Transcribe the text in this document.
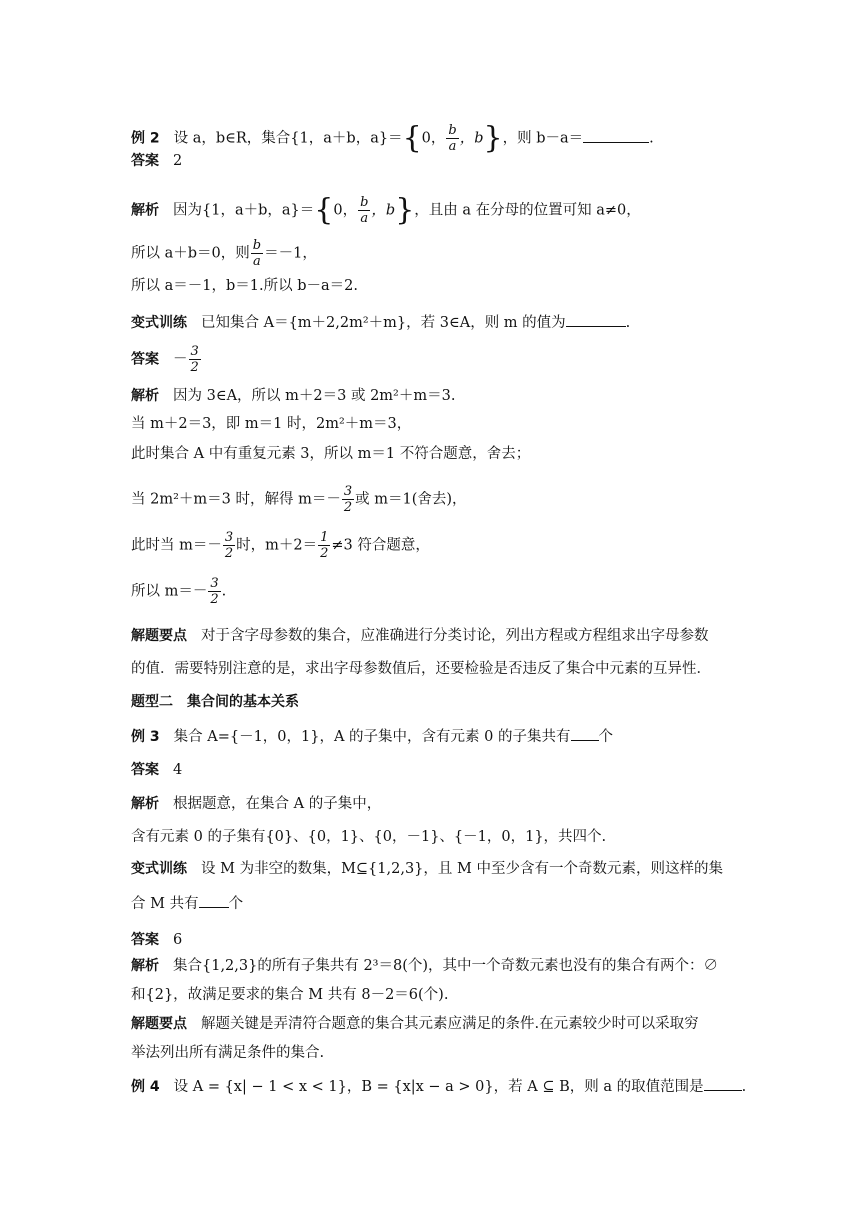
例 2 设 a，b∈R，集合{1，a＋b，a}＝{0， $\frac{b}{a}$ ，b}，则 b－a＝	.
答案 2
解析 因为{1，a＋b，a}＝{0， $\frac{b}{a}$ ，b}，且由 a 在分母的位置可知 a≠0，
所以 a＋b＝0，则 $\frac{b}{a} =-1$，
所以 a＝－1，b＝1.所以 b－a＝2.
变式训练 已知集合 A＝{m＋2,2m²＋m}，若 3∈A，则 m 的值为	.
答案 － $\frac{3}{2}$
解析 因为 3∈A，所以 m＋2＝3 或 2m²＋m＝3.
当 m＋2＝3，即 m＝1 时，2m²＋m＝3，
此时集合 A 中有重复元素 3，所以 m＝1 不符合题意，舍去；
当 2m²＋m＝3 时，解得 $m=- \frac{3}{2}$ 或 m＝1(舍去)，
此时当 $m=- \frac{3}{2}$ 时，$m+2= \frac{1}{2} \ne 3$ 符合题意，
所以 $m=- \frac{3}{2}$ .
解题要点 对于含字母参数的集合，应准确进行分类讨论，列出方程或方程组求出字母参数
的值．需要特别注意的是，求出字母参数值后，还要检验是否违反了集合中元素的互异性．
题型二 集合间的基本关系
例 3 集合 A={－1，0，1}，A 的子集中，含有元素 0 的子集共有 个
答案 4
解析 根据题意，在集合 A 的子集中，
含有元素 0 的子集有{0}、{0，1}、{0，－1}、{－1，0，1}，共四个.
变式训练 设 M 为非空的数集，M⊆{1,2,3}，且 M 中至少含有一个奇数元素，则这样的集
合 M 共有 个
答案 6
解析 集合{1,2,3}的所有子集共有 2³＝8(个)，其中一个奇数元素也没有的集合有两个：∅
和{2}，故满足要求的集合 M 共有 8－2＝6(个).
解题要点 解题关键是弄清符合题意的集合其元素应满足的条件.在元素较少时可以采取穷
举法列出所有满足条件的集合.
例 4 设 A = {x| − 1 < x < 1}，B = {x|x − a > 0}，若 A ⊆ B，则 a 的取值范围是	.
